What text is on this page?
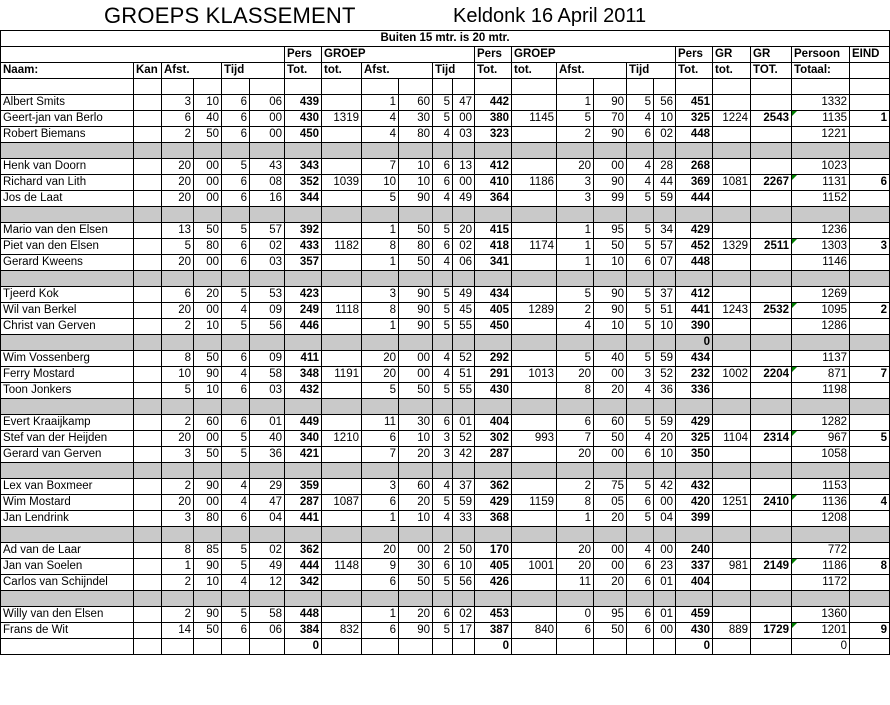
GROEPS KLASSEMENT	Keldonk 16 April 2011
Buiten 15 mtr. is 20 mtr.																						
						Pers	GROEP					Pers	GROEP					Pers	GR	GR	Persoon	EIND
Naam:	Kan	Afst.		Tijd		Tot.	tot.	Afst.		Tijd		Tot.	tot.	Afst.		Tijd		Tot.	tot.	TOT.	Totaal:	

Albert Smits		3	10	6	06	439		1	60	5	47	442		1	90	5	56	451			1332	
Geert-jan van Berlo		6	40	6	00	430	1319	4	30	5	00	380	1145	5	70	4	10	325	1224	2543	1135	1
Robert Biemans		2	50	6	00	450		4	80	4	03	323		2	90	6	02	448			1221	

Henk van Doorn		20	00	5	43	343		7	10	6	13	412		20	00	4	28	268			1023	
Richard van Lith		20	00	6	08	352	1039	10	10	6	00	410	1186	3	90	4	44	369	1081	2267	1131	6
Jos de Laat		20	00	6	16	344		5	90	4	49	364		3	99	5	59	444			1152	

Mario van den Elsen		13	50	5	57	392		1	50	5	20	415		1	95	5	34	429			1236	
Piet van den Elsen		5	80	6	02	433	1182	8	80	6	02	418	1174	1	50	5	57	452	1329	2511	1303	3
Gerard Kweens		20	00	6	03	357		1	50	4	06	341		1	10	6	07	448			1146	

Tjeerd Kok		6	20	5	53	423		3	90	5	49	434		5	90	5	37	412			1269	
Wil van Berkel		20	00	4	09	249	1118	8	90	5	45	405	1289	2	90	5	51	441	1243	2532	1095	2
Christ van Gerven		2	10	5	56	446		1	90	5	55	450		4	10	5	10	390			1286	
																		0				
Wim Vossenberg		8	50	6	09	411		20	00	4	52	292		5	40	5	59	434			1137	
Ferry Mostard		10	90	4	58	348	1191	20	00	4	51	291	1013	20	00	3	52	232	1002	2204	871	7
Toon Jonkers		5	10	6	03	432		5	50	5	55	430		8	20	4	36	336			1198	

Evert Kraaijkamp		2	60	6	01	449		11	30	6	01	404		6	60	5	59	429			1282	
Stef van der Heijden		20	00	5	40	340	1210	6	10	3	52	302	993	7	50	4	20	325	1104	2314	967	5
Gerard van Gerven		3	50	5	36	421		7	20	3	42	287		20	00	6	10	350			1058	

Lex van Boxmeer		2	90	4	29	359		3	60	4	37	362		2	75	5	42	432			1153	
Wim Mostard		20	00	4	47	287	1087	6	20	5	59	429	1159	8	05	6	00	420	1251	2410	1136	4
Jan Lendrink		3	80	6	04	441		1	10	4	33	368		1	20	5	04	399			1208	

Ad van de Laar		8	85	5	02	362		20	00	2	50	170		20	00	4	00	240			772	
Jan van Soelen		1	90	5	49	444	1148	9	30	6	10	405	1001	20	00	6	23	337	981	2149	1186	8
Carlos van Schijndel		2	10	4	12	342		6	50	5	56	426		11	20	6	01	404			1172	

Willy van den Elsen		2	90	5	58	448		1	20	6	02	453		0	95	6	01	459			1360	
Frans de Wit		14	50	6	06	384	832	6	90	5	17	387	840	6	50	6	00	430	889	1729	1201	9
						0						0						0			0	
